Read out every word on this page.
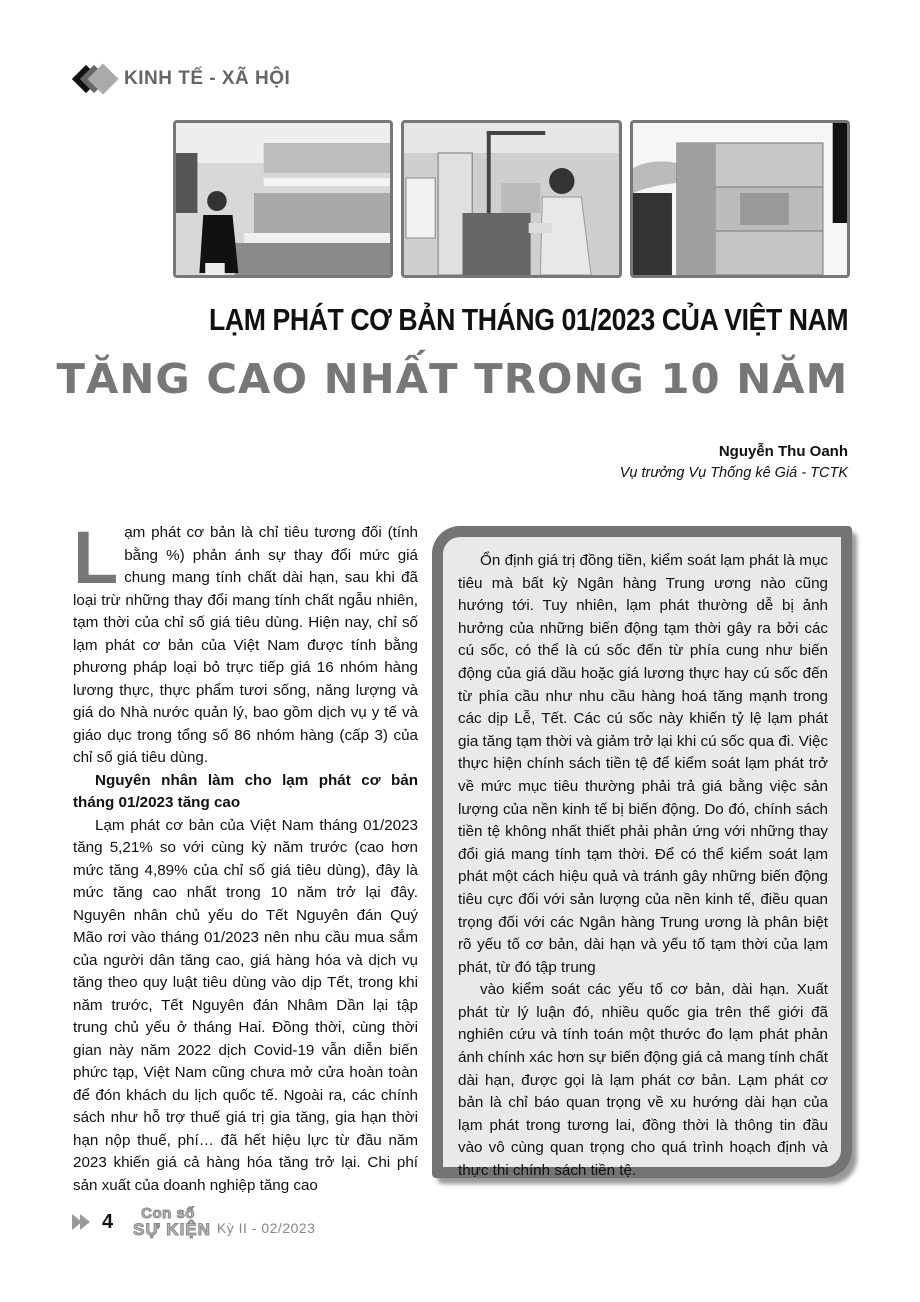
KINH TẾ - XÃ HỘI
LẠM PHÁT CƠ BẢN THÁNG 01/2023 CỦA VIỆT NAM
TĂNG CAO NHẤT TRONG 10 NĂM
Nguyễn Thu Oanh
Vụ trưởng Vụ Thống kê Giá - TCTK
L ạm phát cơ bản là chỉ tiêu tương đối (tính bằng %) phản ánh sự thay đổi mức giá chung mang tính chất dài hạn, sau khi đã loại trừ những thay đổi mang tính chất ngẫu nhiên, tạm thời của chỉ số giá tiêu dùng. Hiện nay, chỉ số lạm phát cơ bản của Việt Nam được tính bằng phương pháp loại bỏ trực tiếp giá 16 nhóm hàng lương thực, thực phẩm tươi sống, năng lượng và giá do Nhà nước quản lý, bao gồm dịch vụ y tế và giáo dục trong tổng số 86 nhóm hàng (cấp 3) của chỉ số giá tiêu dùng.

Nguyên nhân làm cho lạm phát cơ bản tháng 01/2023 tăng cao

Lạm phát cơ bản của Việt Nam tháng 01/2023 tăng 5,21% so với cùng kỳ năm trước (cao hơn mức tăng 4,89% của chỉ số giá tiêu dùng), đây là mức tăng cao nhất trong 10 năm trở lại đây. Nguyên nhân chủ yếu do Tết Nguyên đán Quý Mão rơi vào tháng 01/2023 nên nhu cầu mua sắm của người dân tăng cao, giá hàng hóa và dịch vụ tăng theo quy luật tiêu dùng vào dịp Tết, trong khi năm trước, Tết Nguyên đán Nhâm Dần lại tập trung chủ yếu ở tháng Hai. Đồng thời, cùng thời gian này năm 2022 dịch Covid-19 vẫn diễn biến phức tạp, Việt Nam cũng chưa mở cửa hoàn toàn để đón khách du lịch quốc tế. Ngoài ra, các chính sách như hỗ trợ thuế giá trị gia tăng, gia hạn thời hạn nộp thuế, phí… đã hết hiệu lực từ đầu năm 2023 khiến giá cả hàng hóa tăng trở lại. Chi phí sản xuất của doanh nghiệp tăng cao

Ổn định giá trị đồng tiền, kiểm soát lạm phát là mục tiêu mà bất kỳ Ngân hàng Trung ương nào cũng hướng tới. Tuy nhiên, lạm phát thường dễ bị ảnh hưởng của những biến động tạm thời gây ra bởi các cú sốc, có thể là cú sốc đến từ phía cung như biến động của giá dầu hoặc giá lương thực hay cú sốc đến từ phía cầu như nhu cầu hàng hoá tăng mạnh trong các dịp Lễ, Tết. Các cú sốc này khiến tỷ lệ lạm phát gia tăng tạm thời và giảm trở lại khi cú sốc qua đi. Việc thực hiện chính sách tiền tệ để kiểm soát lạm phát trở về mức mục tiêu thường phải trả giá bằng việc sản lượng của nền kinh tế bị biến động. Do đó, chính sách tiền tệ không nhất thiết phải phản ứng với những thay đổi giá mang tính tạm thời. Để có thể kiểm soát lạm phát một cách hiệu quả và tránh gây những biến động tiêu cực đối với sản lượng của nền kinh tế, điều quan trọng đối với các Ngân hàng Trung ương là phân biệt rõ yếu tố cơ bản, dài hạn và yếu tố tạm thời của lạm phát, từ đó tập trung

vào kiểm soát các yếu tố cơ bản, dài hạn. Xuất phát từ lý luận đó, nhiều quốc gia trên thế giới đã nghiên cứu và tính toán một thước đo lạm phát phản ánh chính xác hơn sự biến động giá cả mang tính chất dài hạn, được gọi là lạm phát cơ bản. Lạm phát cơ bản là chỉ báo quan trọng về xu hướng dài hạn của lạm phát trong tương lai, đồng thời là thông tin đầu vào vô cùng quan trọng cho quá trình hoạch định và thực thi chính sách tiền tệ.

4	Con số
SỰ KIỆN Kỳ II - 02/2023
